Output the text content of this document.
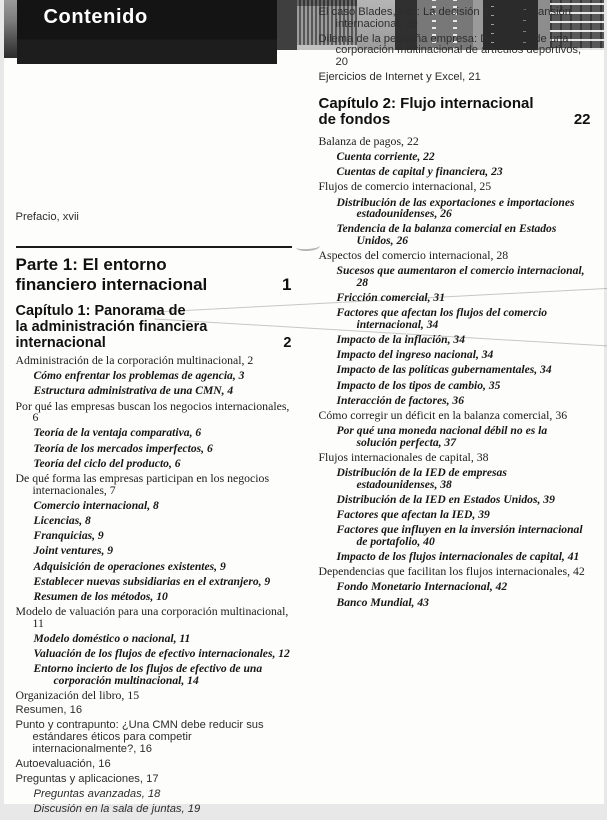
Contenido
Prefacio, xvii
Parte 1: El entorno
financiero internacional	1
Capítulo 1: Panorama de
la administración financiera
internacional	2
Administración de la corporación multinacional, 2
Cómo enfrentar los problemas de agencia, 3
Estructura administrativa de una CMN, 4
Por qué las empresas buscan los negocios internacionales, 6
Teoría de la ventaja comparativa, 6
Teoría de los mercados imperfectos, 6
Teoría del ciclo del producto, 6
De qué forma las empresas participan en los negocios internacionales, 7
Comercio internacional, 8
Licencias, 8
Franquicias, 9
Joint ventures, 9
Adquisición de operaciones existentes, 9
Establecer nuevas subsidiarias en el extranjero, 9
Resumen de los métodos, 10
Modelo de valuación para una corporación multinacional, 11
Modelo doméstico o nacional, 11
Valuación de los flujos de efectivo internacionales, 12
Entorno incierto de los flujos de efectivo de una corporación multinacional, 14
Organización del libro, 15
Resumen, 16
Punto y contrapunto: ¿Una CMN debe reducir sus estándares éticos para competir internacionalmente?, 16
Autoevaluación, 16
Preguntas y aplicaciones, 17
Preguntas avanzadas, 18
Discusión en la sala de juntas, 19
El caso Blades, Inc.: La decisión de una expansión internacional, 20
Dilema de la pequeña empresa: Desarrollo de una corporación multinacional de artículos deportivos, 20
Ejercicios de Internet y Excel, 21
Capítulo 2: Flujo internacional
de fondos	22
Balanza de pagos, 22
Cuenta corriente, 22
Cuentas de capital y financiera, 23
Flujos de comercio internacional, 25
Distribución de las exportaciones e importaciones estadounidenses, 26
Tendencia de la balanza comercial en Estados Unidos, 26
Aspectos del comercio internacional, 28
Sucesos que aumentaron el comercio internacional, 28
Fricción comercial, 31
Factores que afectan los flujos del comercio internacional, 34
Impacto de la inflación, 34
Impacto del ingreso nacional, 34
Impacto de las políticas gubernamentales, 34
Impacto de los tipos de cambio, 35
Interacción de factores, 36
Cómo corregir un déficit en la balanza comercial, 36
Por qué una moneda nacional débil no es la solución perfecta, 37
Flujos internacionales de capital, 38
Distribución de la IED de empresas estadounidenses, 38
Distribución de la IED en Estados Unidos, 39
Factores que afectan la IED, 39
Factores que influyen en la inversión internacional de portafolio, 40
Impacto de los flujos internacionales de capital, 41
Dependencias que facilitan los flujos internacionales, 42
Fondo Monetario Internacional, 42
Banco Mundial, 43
